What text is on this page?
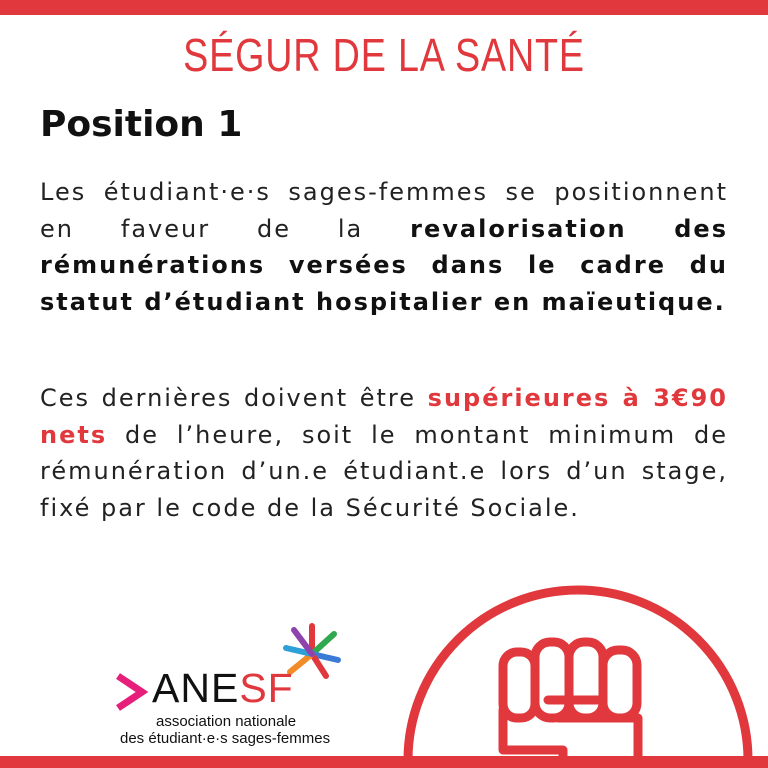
SÉGUR DE LA SANTÉ
Position 1
Les étudiant·e·s sages-femmes se positionnent en faveur de la revalorisation des rémunérations versées dans le cadre du statut d’étudiant hospitalier en maïeutique.
Ces dernières doivent être supérieures à 3€90 nets de l’heure, soit le montant minimum de rémunération d’un.e étudiant.e lors d’un stage, fixé par le code de la Sécurité Sociale.
ANESF
association nationale
des étudiant·e·s sages-femmes
